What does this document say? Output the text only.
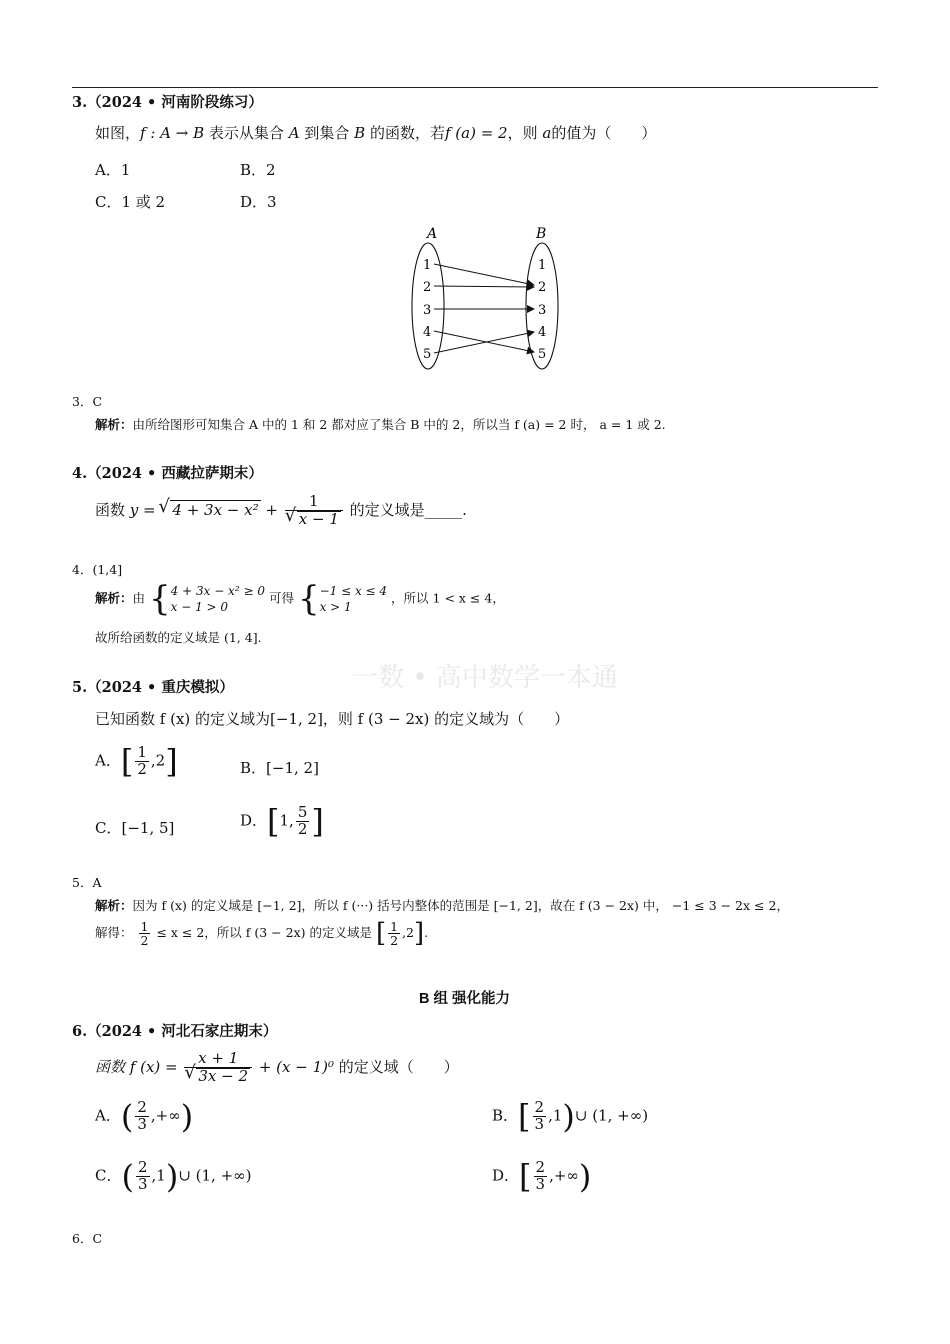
一数 • 高中数学一本通
3.（2024 • 河南阶段练习）
如图，f : A → B 表示从集合 A 到集合 B 的函数，若f (a) = 2，则 a的值为（　　）
A．1	B．2
C．1 或 2	D．3
A	B
1
2
3
4
5
1
2
3
4
5
3．C
解析：由所给图形可知集合 A 中的 1 和 2 都对应了集合 B 中的 2，所以当 f (a) = 2 时， a = 1 或 2.
4.（2024 • 西藏拉萨期末）
函数 y = √ 4 + 3x − x² + 1
√ x − 1 的定义域是_____.
4．(1,4]
解析：由 {4 + 3x − x² ≥ 0
x − 1 > 0 可得 {−1 ≤ x ≤ 4
x > 1 ，所以 1 < x ≤ 4，
故所给函数的定义域是 (1, 4].
5.（2024 • 重庆模拟）
已知函数 f (x) 的定义域为[−1, 2]，则 f (3 − 2x) 的定义域为（　　）
A．[ $\frac{1}{2} ,2$]	B．[−1, 2]
C．[−1, 5]	D．[1, $\frac{5}{2}$ ]
5．A
解析：因为 f (x) 的定义域是 [−1, 2]，所以 f (···) 括号内整体的范围是 [−1, 2]，故在 f (3 − 2x) 中， −1 ≤ 3 − 2x ≤ 2，
解得： $\frac{1}{2} \le x \le 2$，所以 f (3 − 2x) 的定义域是 [ $\frac{1}{2} ,2$].
B 组 强化能力
6.（2024 • 河北石家庄期末）
函数 f (x) = x + 1
√ 3x − 2 + (x − 1)⁰ 的定义域（　　）
A．( $\frac{2}{3}$ ,+∞)	B．[ $\frac{2}{3}$ ,1)∪ (1, +∞)
C．( $\frac{2}{3}$ ,1)∪ (1, +∞)	D．[ $\frac{2}{3}$ ,+∞)
6．C
